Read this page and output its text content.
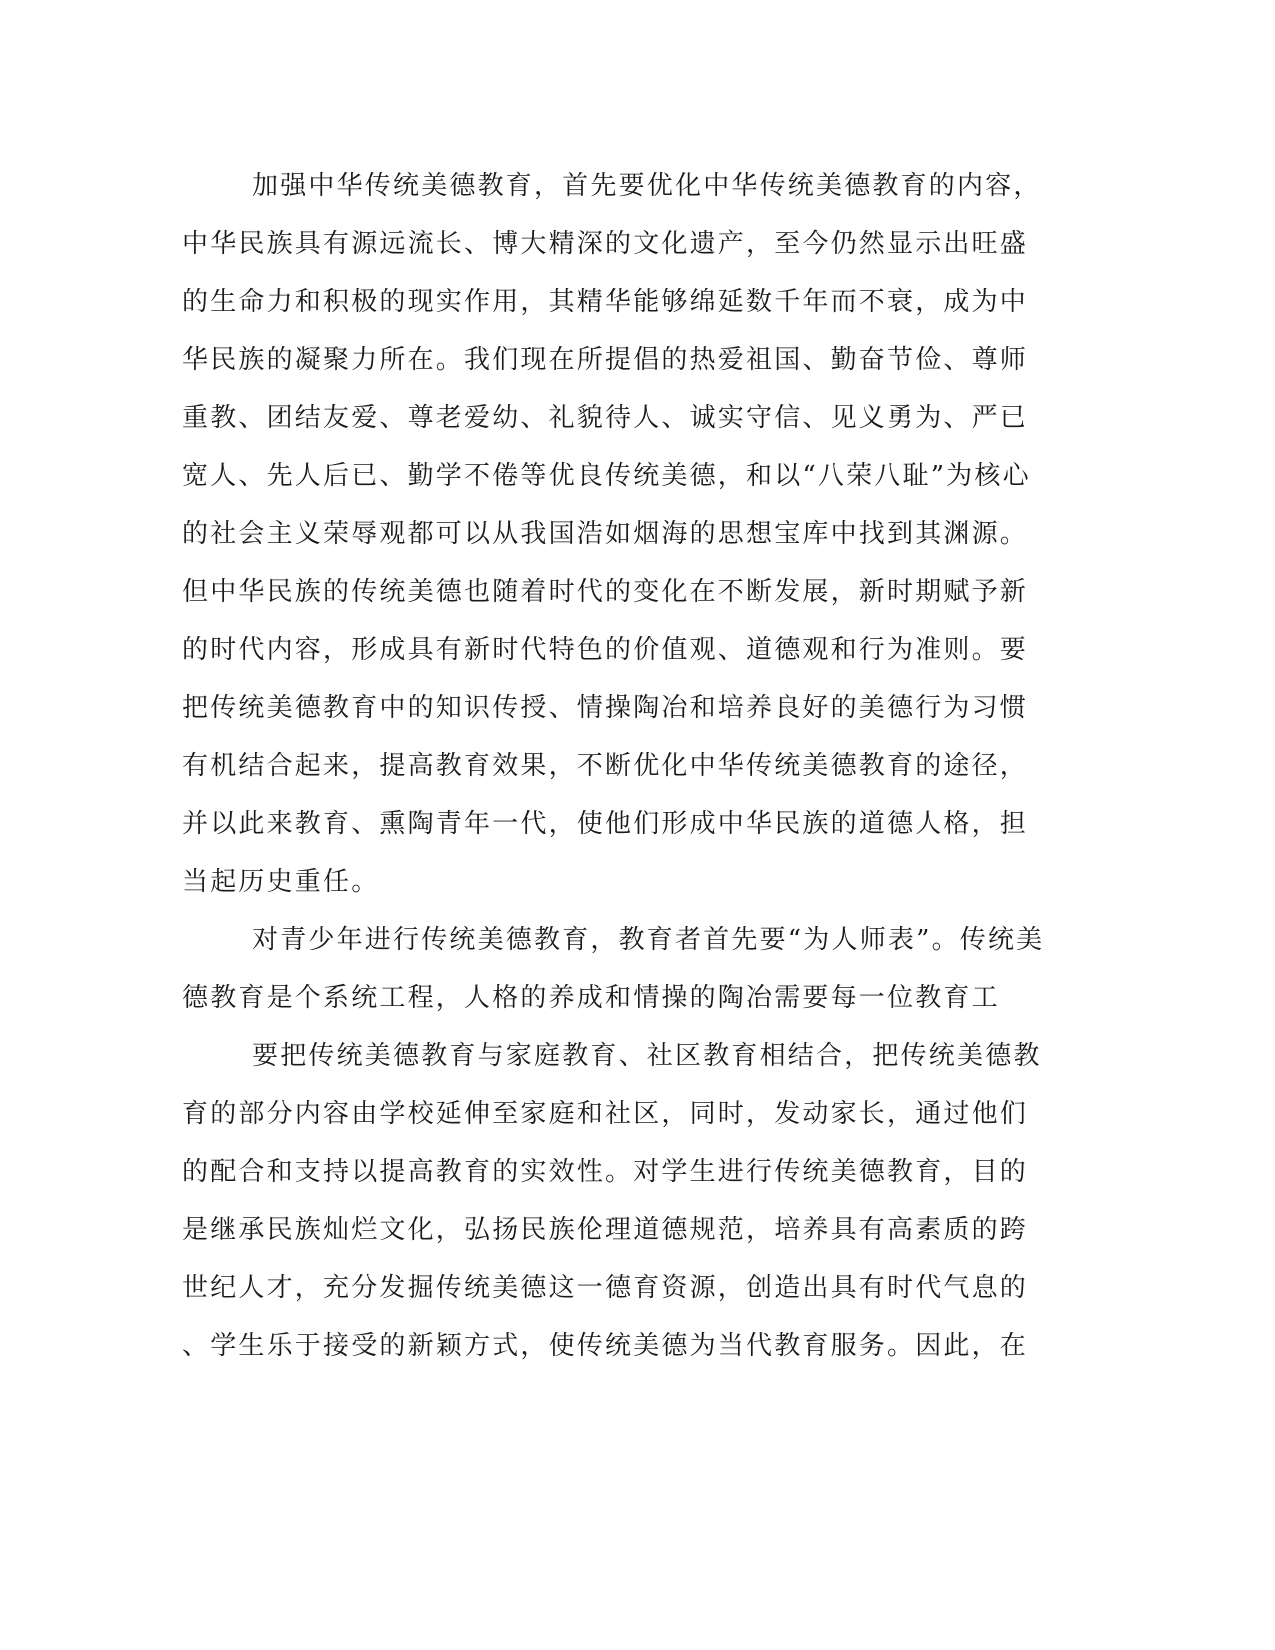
加强中华传统美德教育，首先要优化中华传统美德教育的内容，
中华民族具有源远流长、博大精深的文化遗产，至今仍然显示出旺盛
的生命力和积极的现实作用，其精华能够绵延数千年而不衰，成为中
华民族的凝聚力所在。我们现在所提倡的热爱祖国、勤奋节俭、尊师
重教、团结友爱、尊老爱幼、礼貌待人、诚实守信、见义勇为、严已
宽人、先人后已、勤学不倦等优良传统美德，和以“八荣八耻”为核心
的社会主义荣辱观都可以从我国浩如烟海的思想宝库中找到其渊源。
但中华民族的传统美德也随着时代的变化在不断发展，新时期赋予新
的时代内容，形成具有新时代特色的价值观、道德观和行为准则。要
把传统美德教育中的知识传授、情操陶冶和培养良好的美德行为习惯
有机结合起来，提高教育效果，不断优化中华传统美德教育的途径，
并以此来教育、熏陶青年一代，使他们形成中华民族的道德人格，担
当起历史重任。
对青少年进行传统美德教育，教育者首先要“为人师表”。传统美
德教育是个系统工程，人格的养成和情操的陶冶需要每一位教育工
要把传统美德教育与家庭教育、社区教育相结合，把传统美德教
育的部分内容由学校延伸至家庭和社区，同时，发动家长，通过他们
的配合和支持以提高教育的实效性。对学生进行传统美德教育，目的
是继承民族灿烂文化，弘扬民族伦理道德规范，培养具有高素质的跨
世纪人才，充分发掘传统美德这一德育资源，创造出具有时代气息的
、学生乐于接受的新颖方式，使传统美德为当代教育服务。因此，在
